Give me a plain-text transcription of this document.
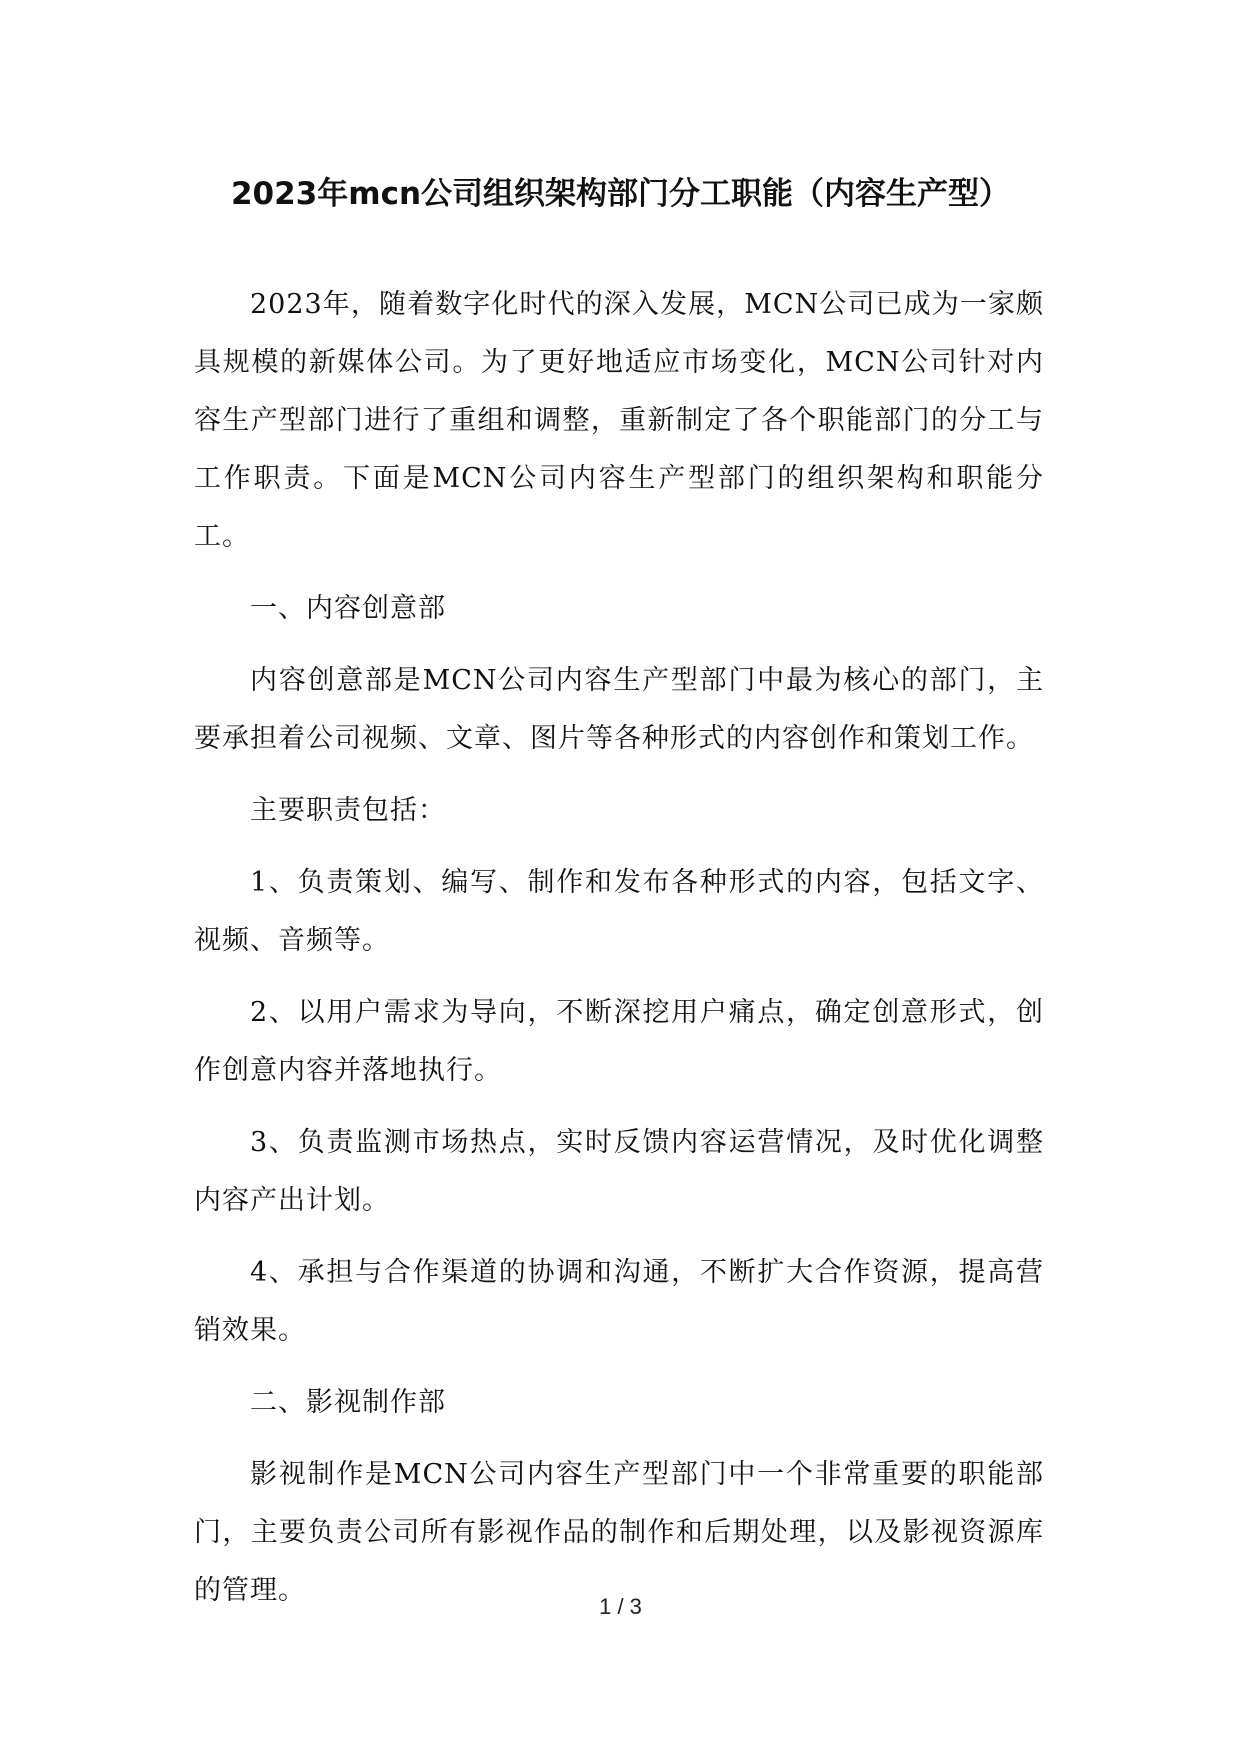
2023年mcn公司组织架构部门分工职能（内容生产型）

2023年，随着数字化时代的深入发展，MCN公司已成为一家颇具规模的新媒体公司。为了更好地适应市场变化，MCN公司针对内容生产型部门进行了重组和调整，重新制定了各个职能部门的分工与工作职责。下面是MCN公司内容生产型部门的组织架构和职能分工。

一、内容创意部

内容创意部是MCN公司内容生产型部门中最为核心的部门，主要承担着公司视频、文章、图片等各种形式的内容创作和策划工作。

主要职责包括：

1、负责策划、编写、制作和发布各种形式的内容，包括文字、视频、音频等。

2、以用户需求为导向，不断深挖用户痛点，确定创意形式，创作创意内容并落地执行。

3、负责监测市场热点，实时反馈内容运营情况，及时优化调整内容产出计划。

4、承担与合作渠道的协调和沟通，不断扩大合作资源，提高营销效果。

二、影视制作部

影视制作是MCN公司内容生产型部门中一个非常重要的职能部门，主要负责公司所有影视作品的制作和后期处理，以及影视资源库的管理。

1 / 3
